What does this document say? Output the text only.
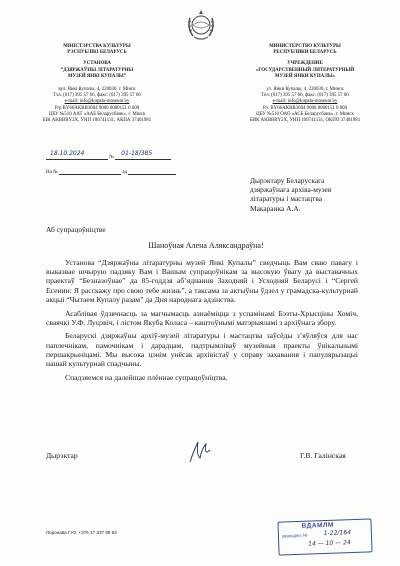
МІНІСТЭРСТВА КУЛЬТУРЫ
РЭСПУБЛІКІ БЕЛАРУСЬ
УСТАНОВА
“ДЗЯРЖАЎНЫ ЛІТАРАТУРНЫ
МУЗЕЙ ЯНКІ КУПАЛЫ”
вул. Янкі Купалы, 4, 220030, г. Мінск
Тэл. (017) 395 57 66, факс: (017) 395 57 66
e-mail: info@kupala-museum.by
Р/р BY66AKBB3604 9000 0000151 0 000
ЦБУ №510 ААТ «ААБ Беларусбанк», г. Мінск
БІК AKBBBY2X, УНП 100741131, АКПА 37401981
МИНИСТЕРСТВО КУЛЬТУРЫ
РЕСПУБЛИКИ БЕЛАРУСЬ
УЧРЕЖДЕНИЕ
«ГОСУДАРСТВЕННЫЙ ЛИТЕРАТУРНЫЙ
МУЗЕЙ ЯНКИ КУПАЛЫ»
ул. Янки Купалы, 4, 220030, г. Минск
Тел. (017) 395 57 66, факс: (017) 395 57 66
e-mail: info@kupala-museum.by
Р/с BY66AKBB3604 9000 0000151 0 000
ЦБУ №510 ОАО «АСБ Беларусбанк», г. Минск
БИК AKBBBY2X, УНП 100741131, ОКПО 37401981
18.10.2024
№
01-18/385
На №	ад
Дырэктару Беларускага
дзяржаўнага архіва-музея
літаратуры і мастацтва
Макаранка А.А.
Аб супрацоўніцтве
Шаноўная Алена Аляксандраўна!

Установа “Дзяржаўны літаратурны музей Янкі Купалы” сведчыць Вам сваю павагу і выказвае шчырую падзяку Вам і Вашым супрацоўнікам за высокую ўвагу да выставачных праектаў “Безназоўнае” да 85-годдзя аб’яднання Заходняй і Усходняй Беларусі і “Сергей Есенин: Я расскажу про свою тебе жизнь”, а таксама за актыўны ўдзел у грамадска-культурнай акцыі “Чытаем Купалу разам” да Дня народнага адзінства.

Асаблівая ўдзячнасць за магчымасць азнаёміцца з успамінамі Бэзты-Хрысціны Хоміч, сваячкі У.Ф. Луцэвіч, і лістом Якуба Коласа – каштоўнымі матэрыяламі з архіўнага збору.

Беларускі дзяржаўны архіў-музей літаратуры і мастацтва заўсёды з’яўляўся для нас паплечнікам, памочнікам і дарадцам, падтрымліваў музейныя праекты ўнікальнымі першакрыніцамі. Мы высока цэнім унёсак архівістаў у справу захавання і папулярызацыі нашай культурнай спадчыны.

Спадзяемся на далейшае плённае супрацоўніцтва.

Дырэктар	Г.В. Галінская
Лоронава Г.Ю. +375 17 337 99 54
ВДАМЛМ
уваходны №	1-22/164
14 — 10 — 24
